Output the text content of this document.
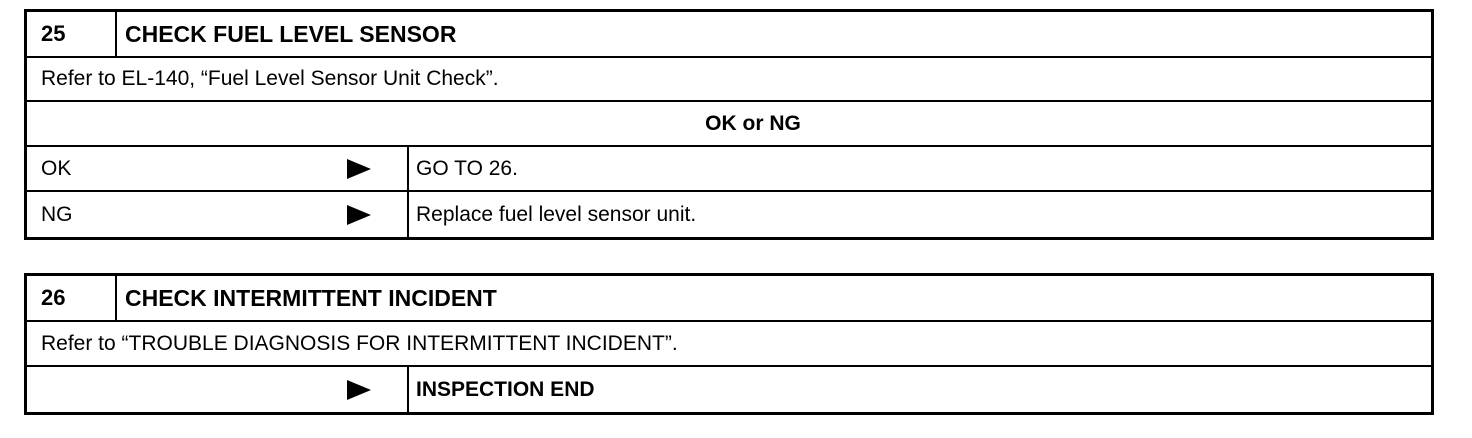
25	CHECK FUEL LEVEL SENSOR
Refer to EL-140, “Fuel Level Sensor Unit Check”.
OK or NG
OK	GO TO 26.
NG	Replace fuel level sensor unit.
26	CHECK INTERMITTENT INCIDENT
Refer to “TROUBLE DIAGNOSIS FOR INTERMITTENT INCIDENT”.
INSPECTION END
